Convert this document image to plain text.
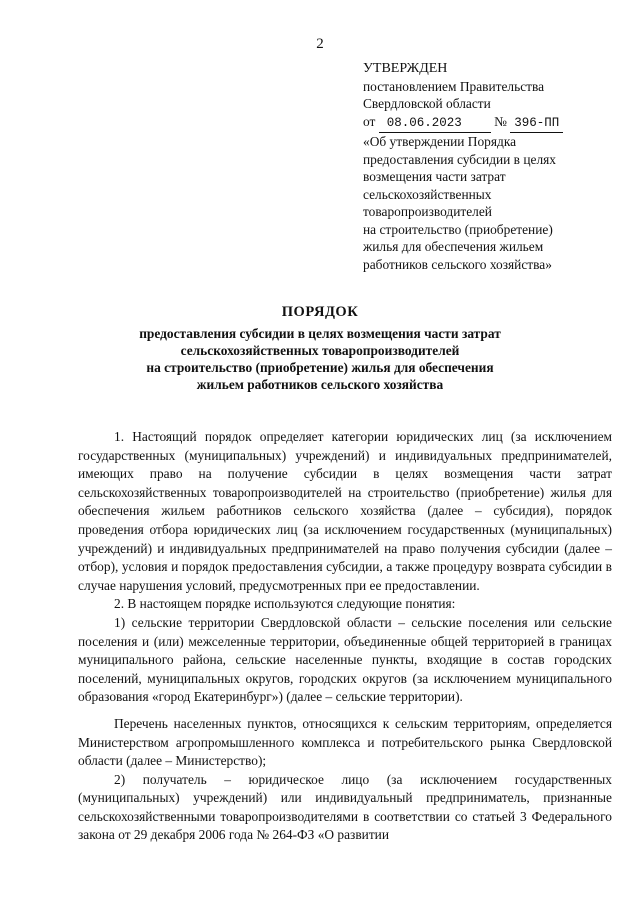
2
УТВЕРЖДЕН
постановлением Правительства
Свердловской области
от 08.06.2023 № 396-ПП
«Об утверждении Порядка
предоставления субсидии в целях
возмещения части затрат
сельскохозяйственных
товаропроизводителей
на строительство (приобретение)
жилья для обеспечения жильем
работников сельского хозяйства»
ПОРЯДОК
предоставления субсидии в целях возмещения части затрат
сельскохозяйственных товаропроизводителей
на строительство (приобретение) жилья для обеспечения
жильем работников сельского хозяйства

1. Настоящий порядок определяет категории юридических лиц (за исключением государственных (муниципальных) учреждений) и индивидуальных предпринимателей, имеющих право на получение субсидии в целях возмещения части затрат сельскохозяйственных товаропроизводителей на строительство (приобретение) жилья для обеспечения жильем работников сельского хозяйства (далее – субсидия), порядок проведения отбора юридических лиц (за исключением государственных (муниципальных) учреждений) и индивидуальных предпринимателей на право получения субсидии (далее – отбор), условия и порядок предоставления субсидии, а также процедуру возврата субсидии в случае нарушения условий, предусмотренных при ее предоставлении.

2. В настоящем порядке используются следующие понятия:

1) сельские территории Свердловской области – сельские поселения или сельские поселения и (или) межселенные территории, объединенные общей территорией в границах муниципального района, сельские населенные пункты, входящие в состав городских поселений, муниципальных округов, городских округов (за исключением муниципального образования «город Екатеринбург») (далее – сельские территории).

Перечень населенных пунктов, относящихся к сельским территориям, определяется Министерством агропромышленного комплекса и потребительского рынка Свердловской области (далее – Министерство);

2) получатель – юридическое лицо (за исключением государственных (муниципальных) учреждений) или индивидуальный предприниматель, признанные сельскохозяйственными товаропроизводителями в соответствии со статьей 3 Федерального закона от 29 декабря 2006 года № 264-ФЗ «О развитии
